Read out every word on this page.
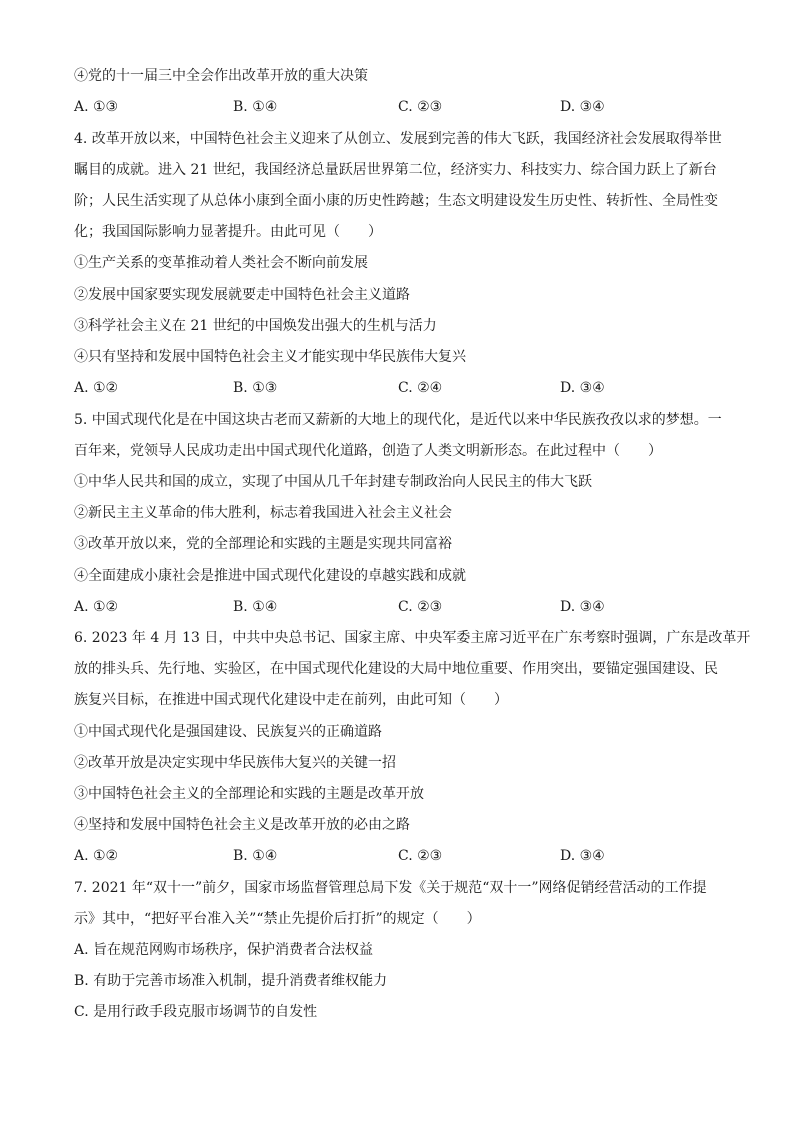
④党的十一届三中全会作出改革开放的重大决策
A. ①③	B. ①④	C. ②③	D. ③④
4. 改革开放以来，中国特色社会主义迎来了从创立、发展到完善的伟大飞跃，我国经济社会发展取得举世
瞩目的成就。进入 21 世纪，我国经济总量跃居世界第二位，经济实力、科技实力、综合国力跃上了新台
阶；人民生活实现了从总体小康到全面小康的历史性跨越；生态文明建设发生历史性、转折性、全局性变
化；我国国际影响力显著提升。由此可见（　　）
①生产关系的变革推动着人类社会不断向前发展
②发展中国家要实现发展就要走中国特色社会主义道路
③科学社会主义在 21 世纪的中国焕发出强大的生机与活力
④只有坚持和发展中国特色社会主义才能实现中华民族伟大复兴
A. ①②	B. ①③	C. ②④	D. ③④
5. 中国式现代化是在中国这块古老而又薪新的大地上的现代化，是近代以来中华民族孜孜以求的梦想。一
百年来，党领导人民成功走出中国式现代化道路，创造了人类文明新形态。在此过程中（　　）
①中华人民共和国的成立，实现了中国从几千年封建专制政治向人民民主的伟大飞跃
②新民主主义革命的伟大胜利，标志着我国进入社会主义社会
③改革开放以来，党的全部理论和实践的主题是实现共同富裕
④全面建成小康社会是推进中国式现代化建设的卓越实践和成就
A. ①②	B. ①④	C. ②③	D. ③④
6. 2023 年 4 月 13 日，中共中央总书记、国家主席、中央军委主席习近平在广东考察时强调，广东是改革开
放的排头兵、先行地、实验区，在中国式现代化建设的大局中地位重要、作用突出，要锚定强国建设、民
族复兴目标，在推进中国式现代化建设中走在前列，由此可知（　　）
①中国式现代化是强国建设、民族复兴的正确道路
②改革开放是决定实现中华民族伟大复兴的关键一招
③中国特色社会主义的全部理论和实践的主题是改革开放
④坚持和发展中国特色社会主义是改革开放的必由之路
A. ①②	B. ①④	C. ②③	D. ③④
7. 2021 年“双十一”前夕，国家市场监督管理总局下发《关于规范“双十一”网络促销经营活动的工作提
示》其中，“把好平台准入关”“禁止先提价后打折”的规定（　　）
A. 旨在规范网购市场秩序，保护消费者合法权益
B. 有助于完善市场准入机制，提升消费者维权能力
C. 是用行政手段克服市场调节的自发性
